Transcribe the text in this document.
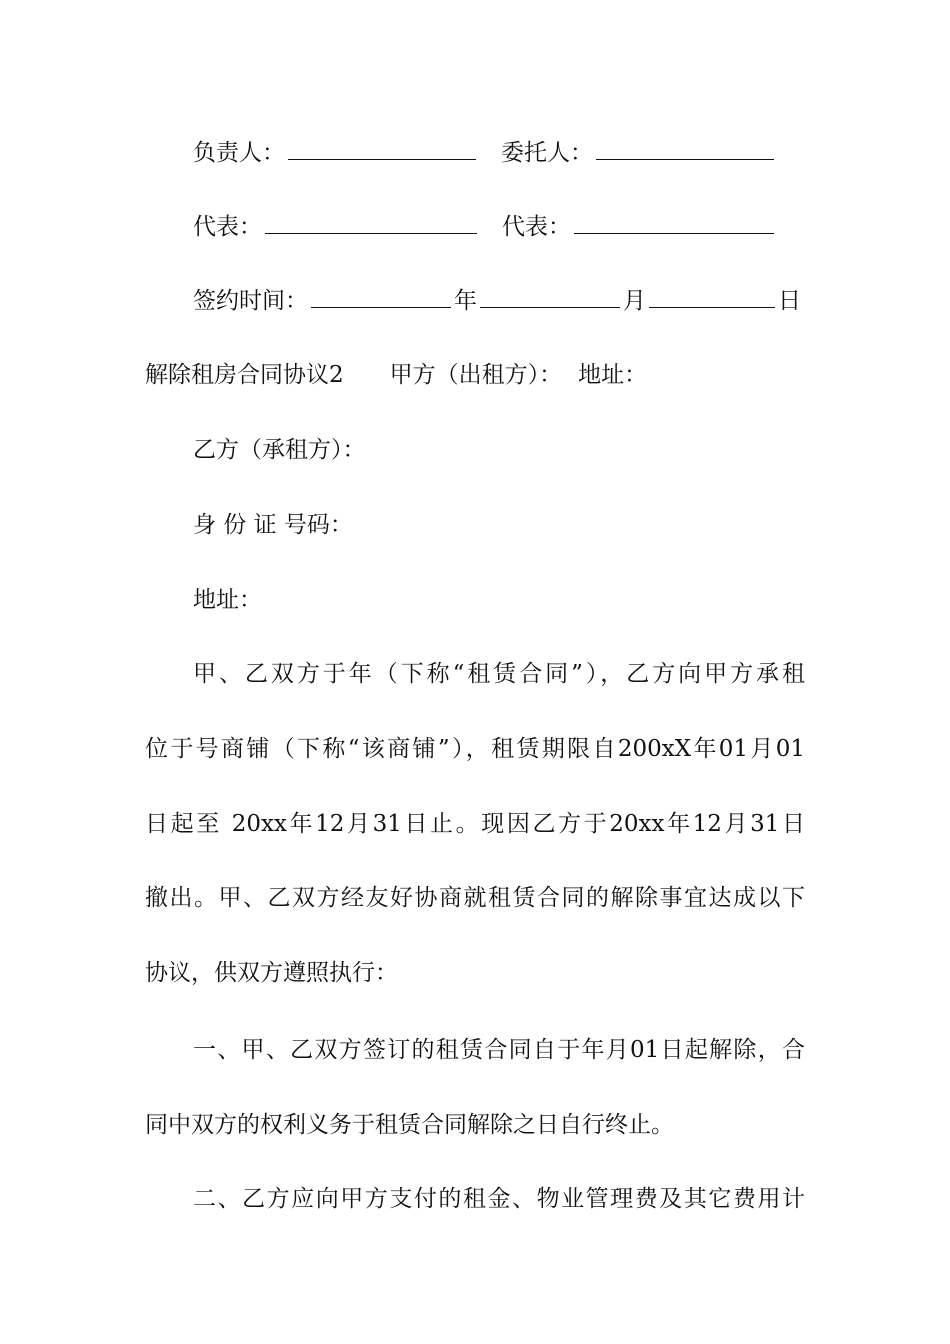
负责人：	委托人：
代表：	代表：
签约时间：	年	月	日
解除租房合同协议2 甲方（出租方）： 地址：
乙方（承租方）：
身 份 证 号码：
地址：
甲、乙双方于年（下称“租赁合同”），乙方向甲方承租
位于号商铺（下称“该商铺”），租赁期限自200xX年01月01
日起至 20xx年12月31日止。现因乙方于20xx年12月31日
撤出。甲、乙双方经友好协商就租赁合同的解除事宜达成以下
协议，供双方遵照执行：
一、甲、乙双方签订的租赁合同自于年月01日起解除，合
同中双方的权利义务于租赁合同解除之日自行终止。
二、乙方应向甲方支付的租金、物业管理费及其它费用计
